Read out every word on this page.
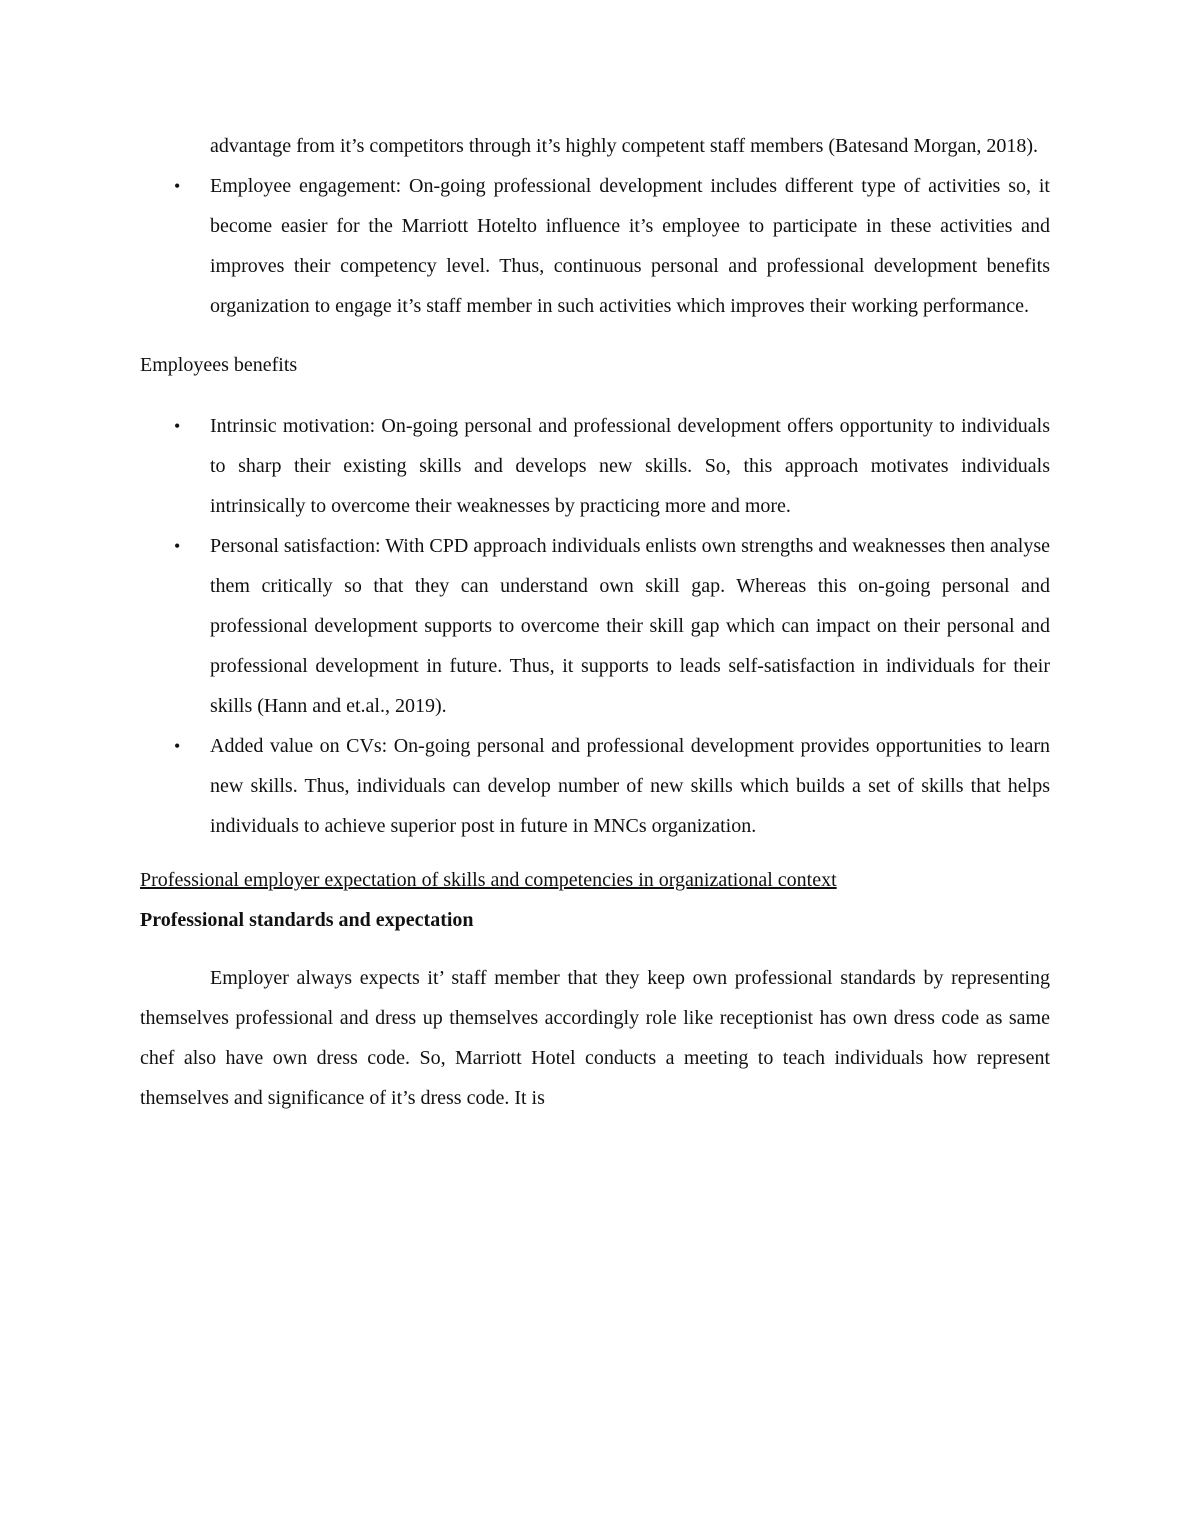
advantage from it’s competitors through it’s highly competent staff members (Batesand Morgan, 2018).

• Employee engagement: On-going professional development includes different type of activities so, it become easier for the Marriott Hotelto influence it’s employee to participate in these activities and improves their competency level. Thus, continuous personal and professional development benefits organization to engage it’s staff member in such activities which improves their working performance.

Employees benefits

• Intrinsic motivation: On-going personal and professional development offers opportunity to individuals to sharp their existing skills and develops new skills. So, this approach motivates individuals intrinsically to overcome their weaknesses by practicing more and more.
• Personal satisfaction: With CPD approach individuals enlists own strengths and weaknesses then analyse them critically so that they can understand own skill gap. Whereas this on-going personal and professional development supports to overcome their skill gap which can impact on their personal and professional development in future. Thus, it supports to leads self-satisfaction in individuals for their skills (Hann and et.al., 2019).
• Added value on CVs: On-going personal and professional development provides opportunities to learn new skills. Thus, individuals can develop number of new skills which builds a set of skills that helps individuals to achieve superior post in future in MNCs organization.

Professional employer expectation of skills and competencies in organizational context

Professional standards and expectation

Employer always expects it’ staff member that they keep own professional standards by representing themselves professional and dress up themselves accordingly role like receptionist has own dress code as same chef also have own dress code. So, Marriott Hotel conducts a meeting to teach individuals how represent themselves and significance of it’s dress code. It is
